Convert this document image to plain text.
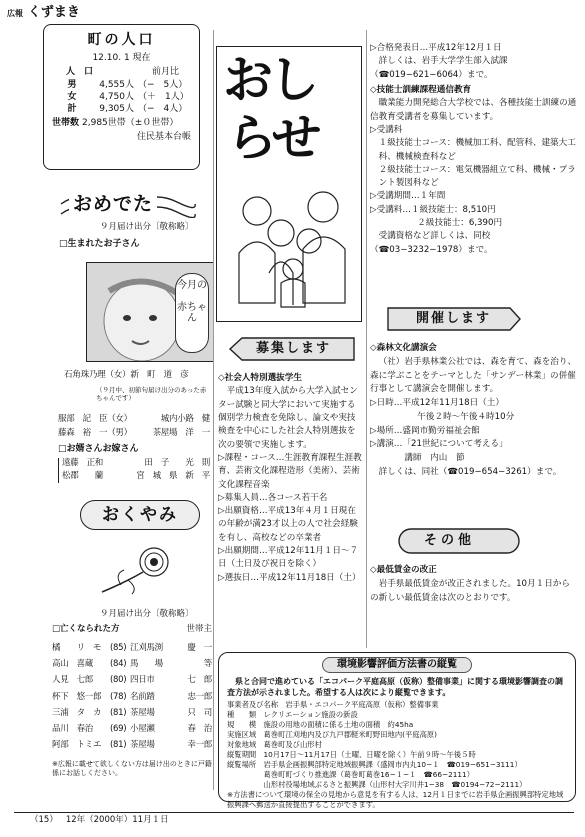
広報 くずまき
町の人口
12.10. 1 現在
人　口	前月比
男	4,555人 （−　5人）
女	4,750人 （＋　1人）
計	9,305人 （−　4人）
世帯数 2,985世帯（±０世帯）
住民基本台帳
おめでた
９月届け出分〔敬称略〕
□生まれたお子さん
今月の
赤ちゃん
石角珠乃理（女）新　町　道　彦
（９月中、初節句届け出分のあった赤ちゃんです）
服部　記　臣（女）	城内小路　健
藤森　裕　一（男） 茶屋場　洋　一
□お婿さんお嫁さん
遠藤　正和	田　子　　光　則
松郡　　蘭	宮　城　県　新　平
おくやみ
９月届け出分〔敬称略〕
□亡くなられた方	世帯主
橘　　リ　モ	(85) 江刈馬渕	慶　一
高山　喜蔵	(84) 馬　　場	等
人見　七郎	(80) 四日市	七　郎
杯下　悠一郎	(78) 名前踏	忠一郎
三浦　タ　カ	(81) 茶屋場	只　司
品川　春治	(69) 小屋瀬	春　治
阿部　トミエ	(81) 茶屋場	幸一郎
※広報に載せて欲しくない方は届け出のときに戸籍係にお話しください。
おし
らせ
募集します

◇社会人特別選抜学生

平成13年度入試から大学入試センター試験と同大学において実施する個別学力検査を免除し、論文や実技検査を中心にした社会人特別選抜を次の要領で実施します。

▷課程・コース…生涯教育課程生涯教育、芸術文化課程造形（美術）、芸術文化課程音楽

▷募集人員…各コース若干名

▷出願資格…平成13年４月１日現在の年齢が満23才以上の人で社会経験を有し、高校などの卒業者

▷出願期間…平成12年11月１日〜７日（土日及び祝日を除く）

▷選抜日…平成12年11月18日（土）

▷合格発表日…平成12年12月１日

詳しくは、岩手大学学生部入試課（☎019−621−6064）まで。

◇技能士訓練課程通信教育

職業能力開発総合大学校では、各種技能士訓練の通信教育受講者を募集しています。

▷受講科

１級技能士コース：機械加工科、配管科、建築大工科、機械検査科など

２級技能士コース：電気機器組立て科、機械・プラント製図科など

▷受講期間…１年間

▷受講料…１級技能士：8,510円

２級技能士：6,390円

受講資格など詳しくは、同校（☎03−3232−1978）まで。

開催します

◇森林文化講演会

（社）岩手県林業公社では、森を育て、森を治り、森に学ぶことをテーマとした「サンデー林業」の併催行事として講演会を開催します。

▷日時…平成12年11月18日（土）

午後２時〜午後４時10分

▷場所…盛岡市勤労福祉会館

▷講演…「21世紀について考える」

講師　内山　節

詳しくは、同社（☎019−654−3261）まで。

その他

◇最低賃金の改正

岩手県最低賃金が改正されました。10月１日からの新しい最低賃金は次のとおりです。

環境影響評価方法書の縦覧
県と合同で進めている「エコパーク平庭高原（仮称）整備事業」に関する環境影響調査の調査方法が示されました。希望する人は次により縦覧できます。
事業者及び名称　岩手県・エコパーク平庭高原（仮称）整備事業
種　　類　レクリエーション施設の新設
規　　模　施設の用地の面積に係る土地の面積　約45ha
実施区域　葛巻町江刈地内及び九戸郡軽米町野田地内(平庭高原)
対象地域　葛巻町及び山形村
縦覧期間　10月17日〜11月17日（土曜、日曜を除く）午前９時〜午後５時
縦覧場所　岩手県企画振興部特定地域振興課（盛岡市内丸10−１　☎019−651−3111）
　　　　　葛巻町町づくり推進課（葛巻町葛巻16−１−１　☎66−2111）
　　　　　山形村役場地域ぶるさと振興課（山形村大字川井1−38　☎0194−72−2111）
※方法書について環境の保全の見地から意見を有する人は、12月１日までに岩手県企画振興部特定地域振興課へ郵送か直接提出することができます。
（15） 12年（2000年）11月１日
